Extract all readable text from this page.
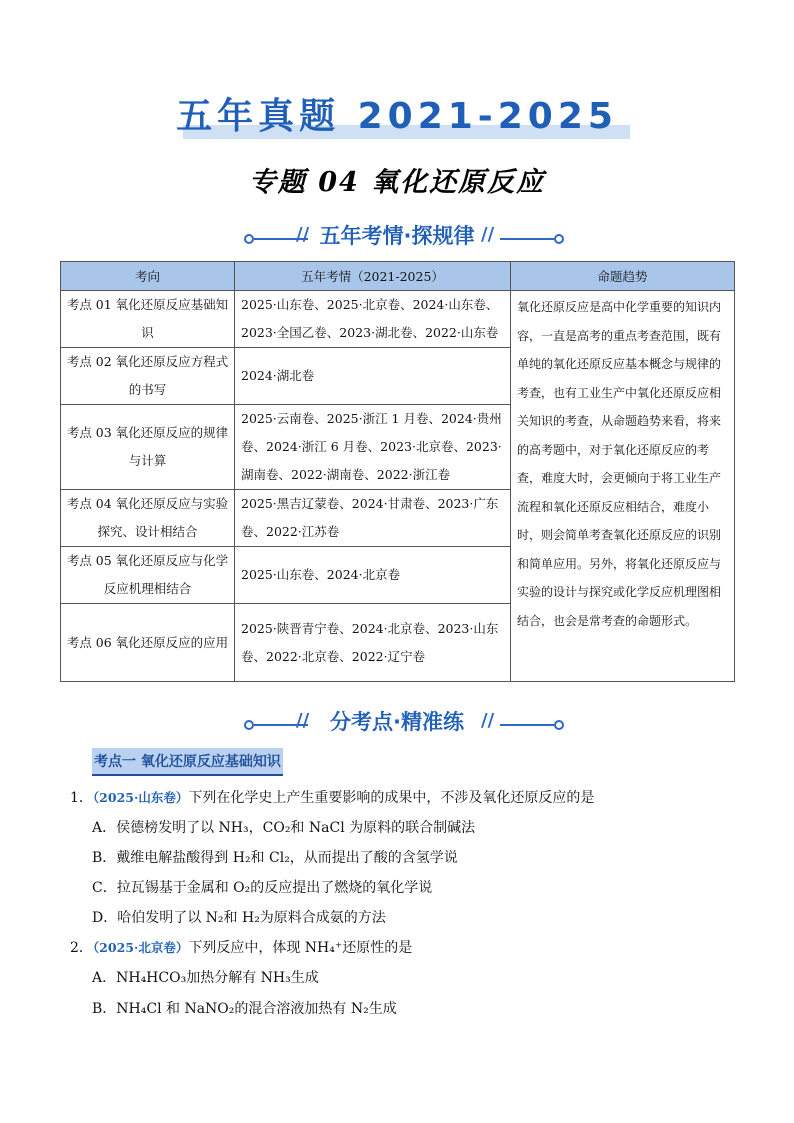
五年真题 2021-2025
专题 04 氧化还原反应
// 五年考情·探规律 //
考向	五年考情（2021-2025）	命题趋势
考点 01 氧化还原反应基础知识	2025·山东卷、2025·北京卷、2024·山东卷、2023·全国乙卷、2023·湖北卷、2022·山东卷	氧化还原反应是高中化学重要的知识内容，一直是高考的重点考查范围，既有单纯的氧化还原反应基本概念与规律的考查，也有工业生产中氧化还原反应相关知识的考查，从命题趋势来看，将来的高考题中，对于氧化还原反应的考查，难度大时，会更倾向于将工业生产流程和氧化还原反应相结合，难度小时，则会简单考查氧化还原反应的识别和简单应用。另外，将氧化还原反应与实验的设计与探究或化学反应机理图相结合，也会是常考查的命题形式。
考点 02 氧化还原反应方程式的书写	2024·湖北卷	
考点 03 氧化还原反应的规律与计算	2025·云南卷、2025·浙江 1 月卷、2024·贵州卷、2024·浙江 6 月卷、2023·北京卷、2023·湖南卷、2022·湖南卷、2022·浙江卷	
考点 04 氧化还原反应与实验探究、设计相结合	2025·黑吉辽蒙卷、2024·甘肃卷、2023·广东卷、2022·江苏卷	
考点 05 氧化还原反应与化学反应机理相结合	2025·山东卷、2024·北京卷	
考点 06 氧化还原反应的应用	2025·陕晋青宁卷、2024·北京卷、2023·山东卷、2022·北京卷、2022·辽宁卷	
// 分考点·精准练 //
考点一 氧化还原反应基础知识
1．（2025·山东卷）下列在化学史上产生重要影响的成果中，不涉及氧化还原反应的是
A．侯德榜发明了以 NH₃，CO₂和 NaCl 为原料的联合制碱法
B．戴维电解盐酸得到 H₂和 Cl₂，从而提出了酸的含氢学说
C．拉瓦锡基于金属和 O₂的反应提出了燃烧的氧化学说
D．哈伯发明了以 N₂和 H₂为原料合成氨的方法
2．（2025·北京卷）下列反应中，体现 NH₄⁺还原性的是
A．NH₄HCO₃加热分解有 NH₃生成
B．NH₄Cl 和 NaNO₂的混合溶液加热有 N₂生成
